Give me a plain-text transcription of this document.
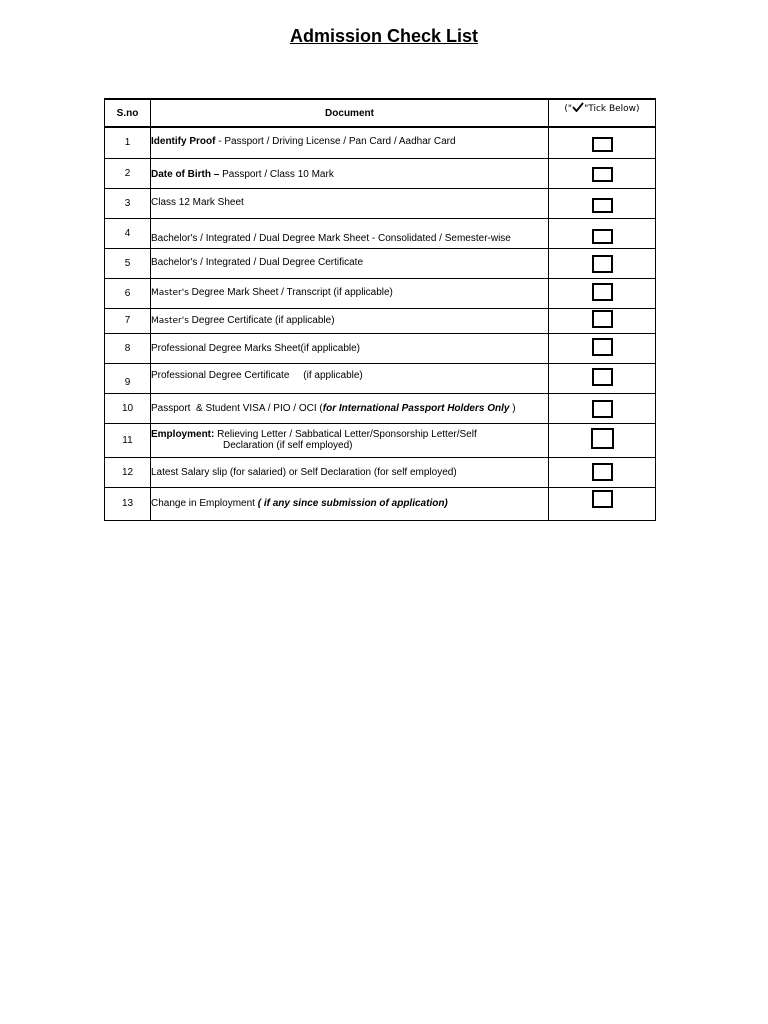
Admission Check List
S.no	Document	(" "Tick Below)
1	Identify Proof - Passport / Driving License / Pan Card / Aadhar Card	
2	Date of Birth – Passport / Class 10 Mark	
3	Class 12 Mark Sheet	
4	Bachelor's / Integrated / Dual Degree Mark Sheet - Consolidated / Semester-wise	
5	Bachelor's / Integrated / Dual Degree Certificate	
6	Master's Degree Mark Sheet / Transcript (if applicable)	
7	Master's Degree Certificate (if applicable)	
8	Professional Degree Marks Sheet(if applicable)	
9	Professional Degree Certificate     (if applicable)	
10	Passport  & Student VISA / PIO / OCI (for International Passport Holders Only )	
11	Employment: Relieving Letter / Sabbatical Letter/Sponsorship Letter/Self
Declaration (if self employed)	
12	Latest Salary slip (for salaried) or Self Declaration (for self employed)	
13	Change in Employment ( if any since submission of application)	
